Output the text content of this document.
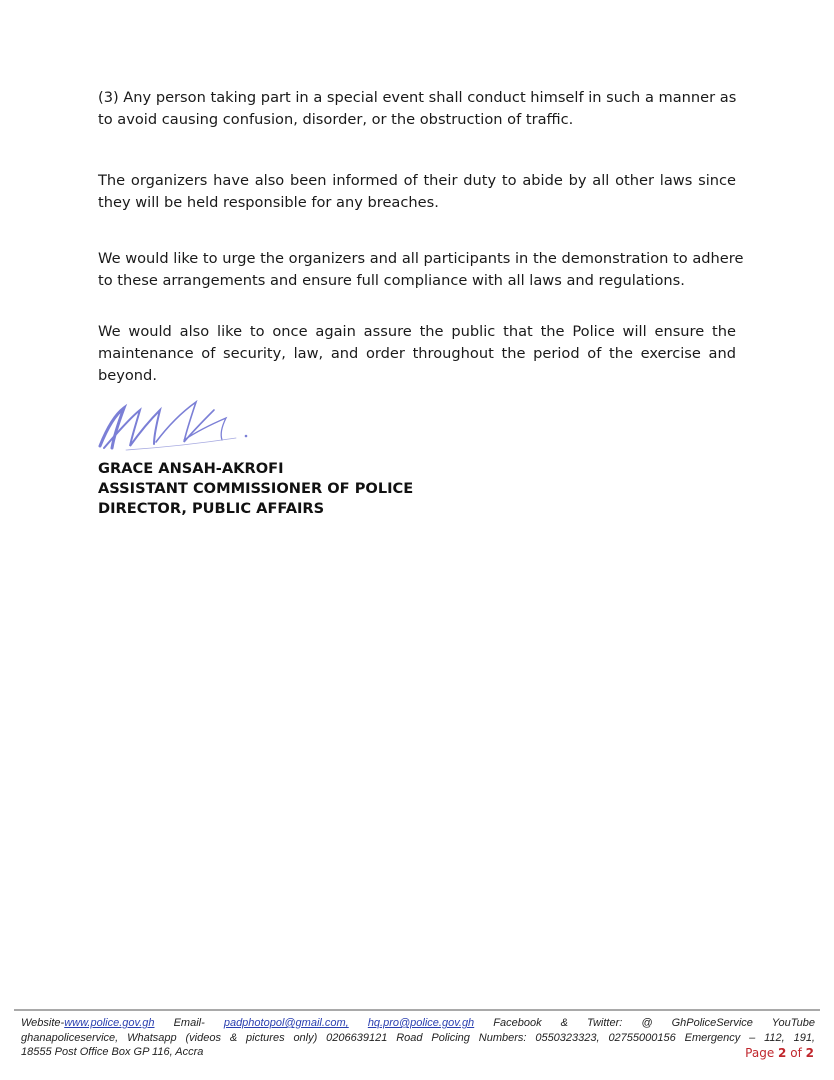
(3) Any person taking part in a special event shall conduct himself in such a manner as
to avoid causing confusion, disorder, or the obstruction of traffic.
The organizers have also been informed of their duty to abide by all other laws since
they will be held responsible for any breaches.
We would like to urge the organizers and all participants in the demonstration to adhere
to these arrangements and ensure full compliance with all laws and regulations.
We would also like to once again assure the public that the Police will ensure the
maintenance of security, law, and order throughout the period of the exercise and
beyond.
GRACE ANSAH-AKROFI
ASSISTANT COMMISSIONER OF POLICE
DIRECTOR, PUBLIC AFFAIRS
Website-www.police.gov.gh Email- padphotopol@gmail.com, hq.pro@police.gov.gh Facebook & Twitter: @ GhPoliceService YouTube
ghanapoliceservice, Whatsapp (videos & pictures only) 0206639121 Road Policing Numbers: 0550323323, 02755000156 Emergency – 112, 191,
18555 Post Office Box GP 116, Accra	Page 2 of 2
